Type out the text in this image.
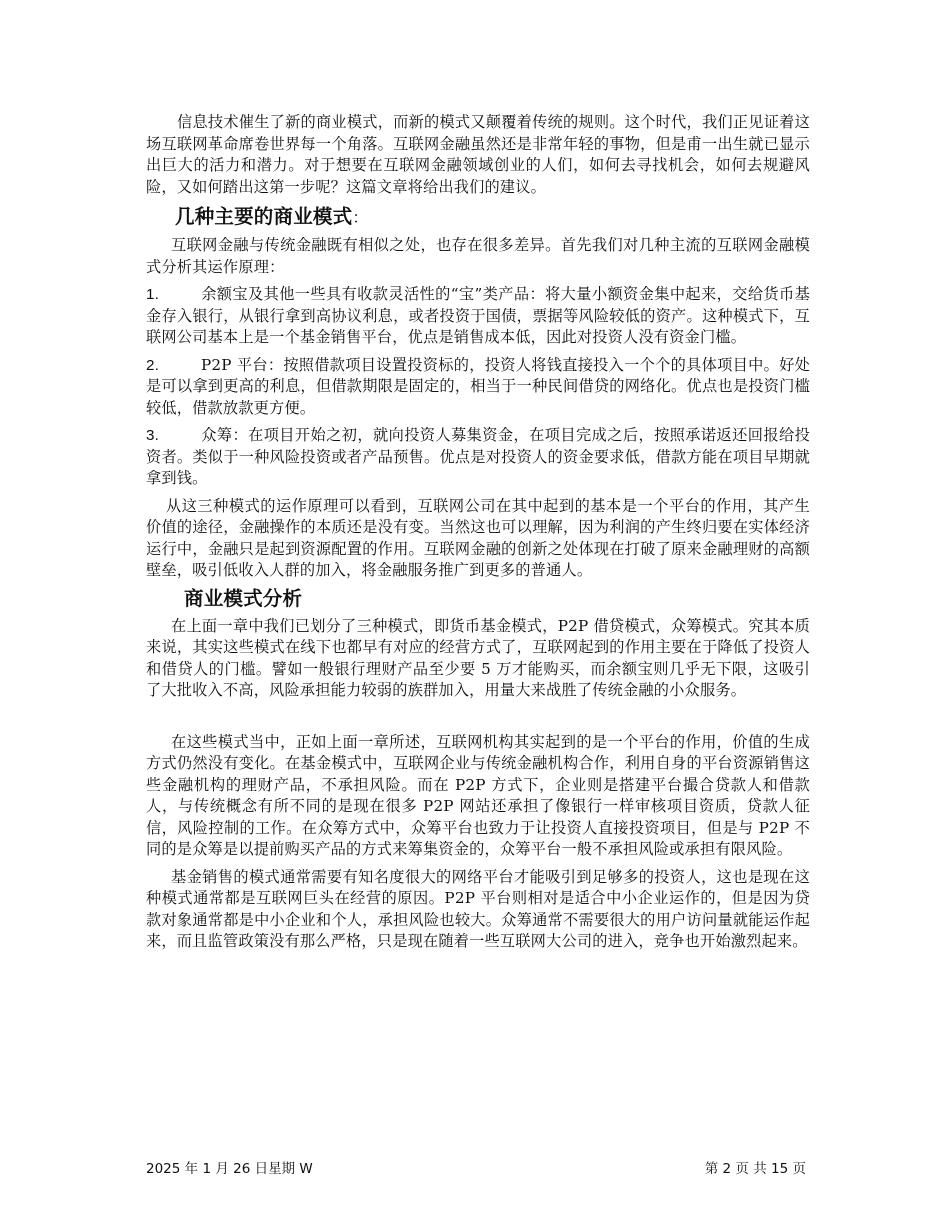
信息技术催生了新的商业模式，而新的模式又颠覆着传统的规则。这个时代，我们正见证着这场互联网革命席卷世界每一个角落。互联网金融虽然还是非常年轻的事物，但是甫一出生就已显示出巨大的活力和潜力。对于想要在互联网金融领域创业的人们，如何去寻找机会，如何去规避风险，又如何踏出这第一步呢？这篇文章将给出我们的建议。

几种主要的商业模式：

互联网金融与传统金融既有相似之处，也存在很多差异。首先我们对几种主流的互联网金融模式分析其运作原理：

1.	余额宝及其他一些具有收款灵活性的“宝”类产品：将大量小额资金集中起来，交给货币基金存入银行，从银行拿到高协议利息，或者投资于国债，票据等风险较低的资产。这种模式下，互联网公司基本上是一个基金销售平台，优点是销售成本低，因此对投资人没有资金门槛。

2.	P2P 平台：按照借款项目设置投资标的，投资人将钱直接投入一个个的具体项目中。好处是可以拿到更高的利息，但借款期限是固定的，相当于一种民间借贷的网络化。优点也是投资门槛较低，借款放款更方便。

3.	众筹：在项目开始之初，就向投资人募集资金，在项目完成之后，按照承诺返还回报给投资者。类似于一种风险投资或者产品预售。优点是对投资人的资金要求低，借款方能在项目早期就拿到钱。

从这三种模式的运作原理可以看到，互联网公司在其中起到的基本是一个平台的作用，其产生价值的途径，金融操作的本质还是没有变。当然这也可以理解，因为利润的产生终归要在实体经济运行中，金融只是起到资源配置的作用。互联网金融的创新之处体现在打破了原来金融理财的高额壁垒，吸引低收入人群的加入，将金融服务推广到更多的普通人。

商业模式分析

在上面一章中我们已划分了三种模式，即货币基金模式，P2P 借贷模式，众筹模式。究其本质来说，其实这些模式在线下也都早有对应的经营方式了，互联网起到的作用主要在于降低了投资人和借贷人的门槛。譬如一般银行理财产品至少要 5 万才能购买，而余额宝则几乎无下限，这吸引了大批收入不高，风险承担能力较弱的族群加入，用量大来战胜了传统金融的小众服务。

在这些模式当中，正如上面一章所述，互联网机构其实起到的是一个平台的作用，价值的生成方式仍然没有变化。在基金模式中，互联网企业与传统金融机构合作，利用自身的平台资源销售这些金融机构的理财产品，不承担风险。而在 P2P 方式下，企业则是搭建平台撮合贷款人和借款人，与传统概念有所不同的是现在很多 P2P 网站还承担了像银行一样审核项目资质，贷款人征信，风险控制的工作。在众筹方式中，众筹平台也致力于让投资人直接投资项目，但是与 P2P 不同的是众筹是以提前购买产品的方式来筹集资金的，众筹平台一般不承担风险或承担有限风险。

基金销售的模式通常需要有知名度很大的网络平台才能吸引到足够多的投资人，这也是现在这种模式通常都是互联网巨头在经营的原因。P2P 平台则相对是适合中小企业运作的，但是因为贷款对象通常都是中小企业和个人，承担风险也较大。众筹通常不需要很大的用户访问量就能运作起来，而且监管政策没有那么严格，只是现在随着一些互联网大公司的进入，竞争也开始激烈起来。

2025 年 1 月 26 日星期 W	第 2 页 共 15 页
